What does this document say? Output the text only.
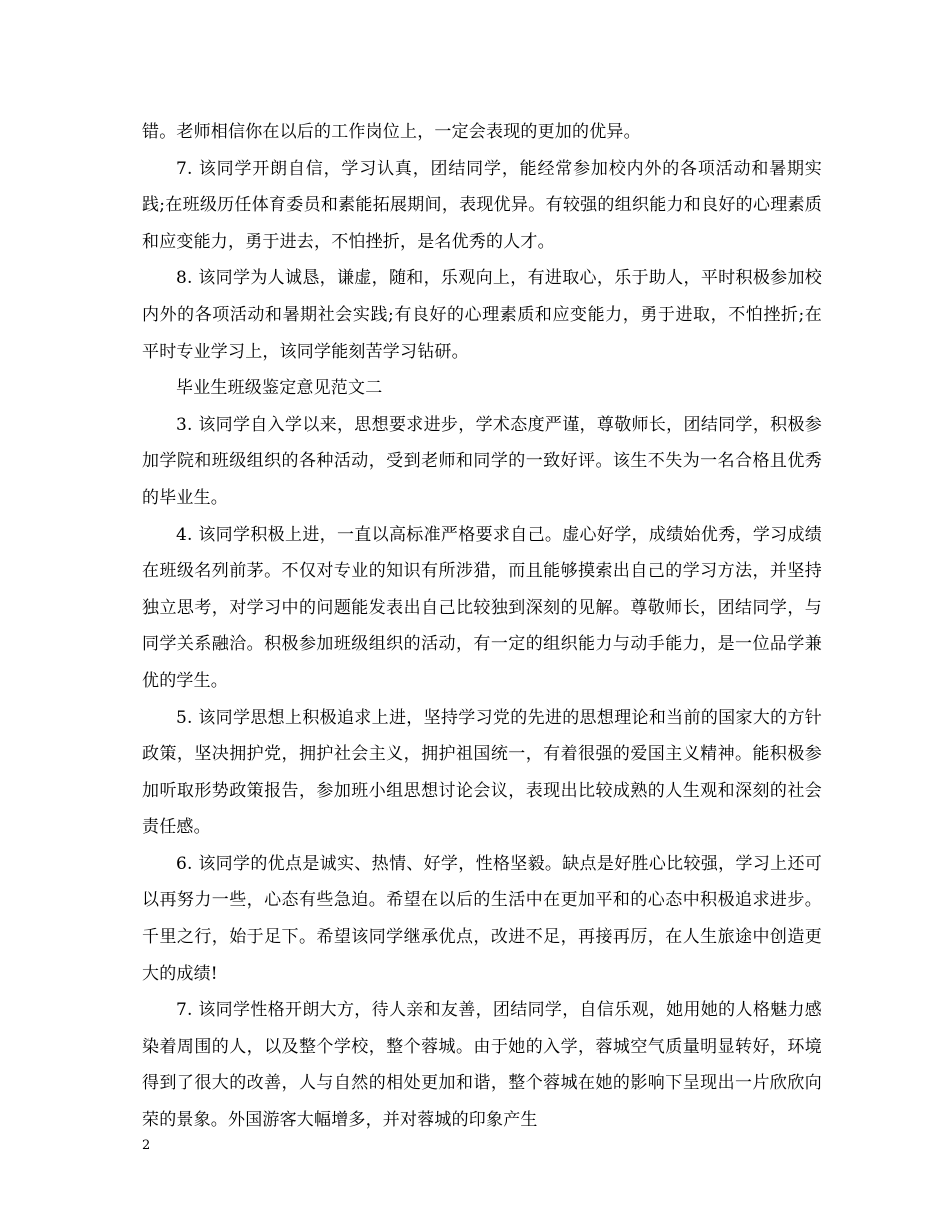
错。老师相信你在以后的工作岗位上，一定会表现的更加的优异。

7. 该同学开朗自信，学习认真，团结同学，能经常参加校内外的各项活动和暑期实践;在班级历任体育委员和素能拓展期间，表现优异。有较强的组织能力和良好的心理素质和应变能力，勇于进去，不怕挫折，是名优秀的人才。

8. 该同学为人诚恳，谦虚，随和，乐观向上，有进取心，乐于助人，平时积极参加校内外的各项活动和暑期社会实践;有良好的心理素质和应变能力，勇于进取，不怕挫折;在平时专业学习上，该同学能刻苦学习钻研。

毕业生班级鉴定意见范文二

3. 该同学自入学以来，思想要求进步，学术态度严谨，尊敬师长，团结同学，积极参加学院和班级组织的各种活动，受到老师和同学的一致好评。该生不失为一名合格且优秀的毕业生。

4. 该同学积极上进，一直以高标准严格要求自己。虚心好学，成绩始优秀，学习成绩在班级名列前茅。不仅对专业的知识有所涉猎，而且能够摸索出自己的学习方法，并坚持独立思考，对学习中的问题能发表出自己比较独到深刻的见解。尊敬师长，团结同学，与同学关系融洽。积极参加班级组织的活动，有一定的组织能力与动手能力，是一位品学兼优的学生。

5. 该同学思想上积极追求上进，坚持学习党的先进的思想理论和当前的国家大的方针政策，坚决拥护党，拥护社会主义，拥护祖国统一，有着很强的爱国主义精神。能积极参加听取形势政策报告，参加班小组思想讨论会议，表现出比较成熟的人生观和深刻的社会责任感。

6. 该同学的优点是诚实、热情、好学，性格坚毅。缺点是好胜心比较强，学习上还可以再努力一些，心态有些急迫。希望在以后的生活中在更加平和的心态中积极追求进步。千里之行，始于足下。希望该同学继承优点，改进不足，再接再厉，在人生旅途中创造更大的成绩!

7. 该同学性格开朗大方，待人亲和友善，团结同学，自信乐观，她用她的人格魅力感染着周围的人，以及整个学校，整个蓉城。由于她的入学，蓉城空气质量明显转好，环境得到了很大的改善，人与自然的相处更加和谐，整个蓉城在她的影响下呈现出一片欣欣向荣的景象。外国游客大幅增多，并对蓉城的印象产生

2
